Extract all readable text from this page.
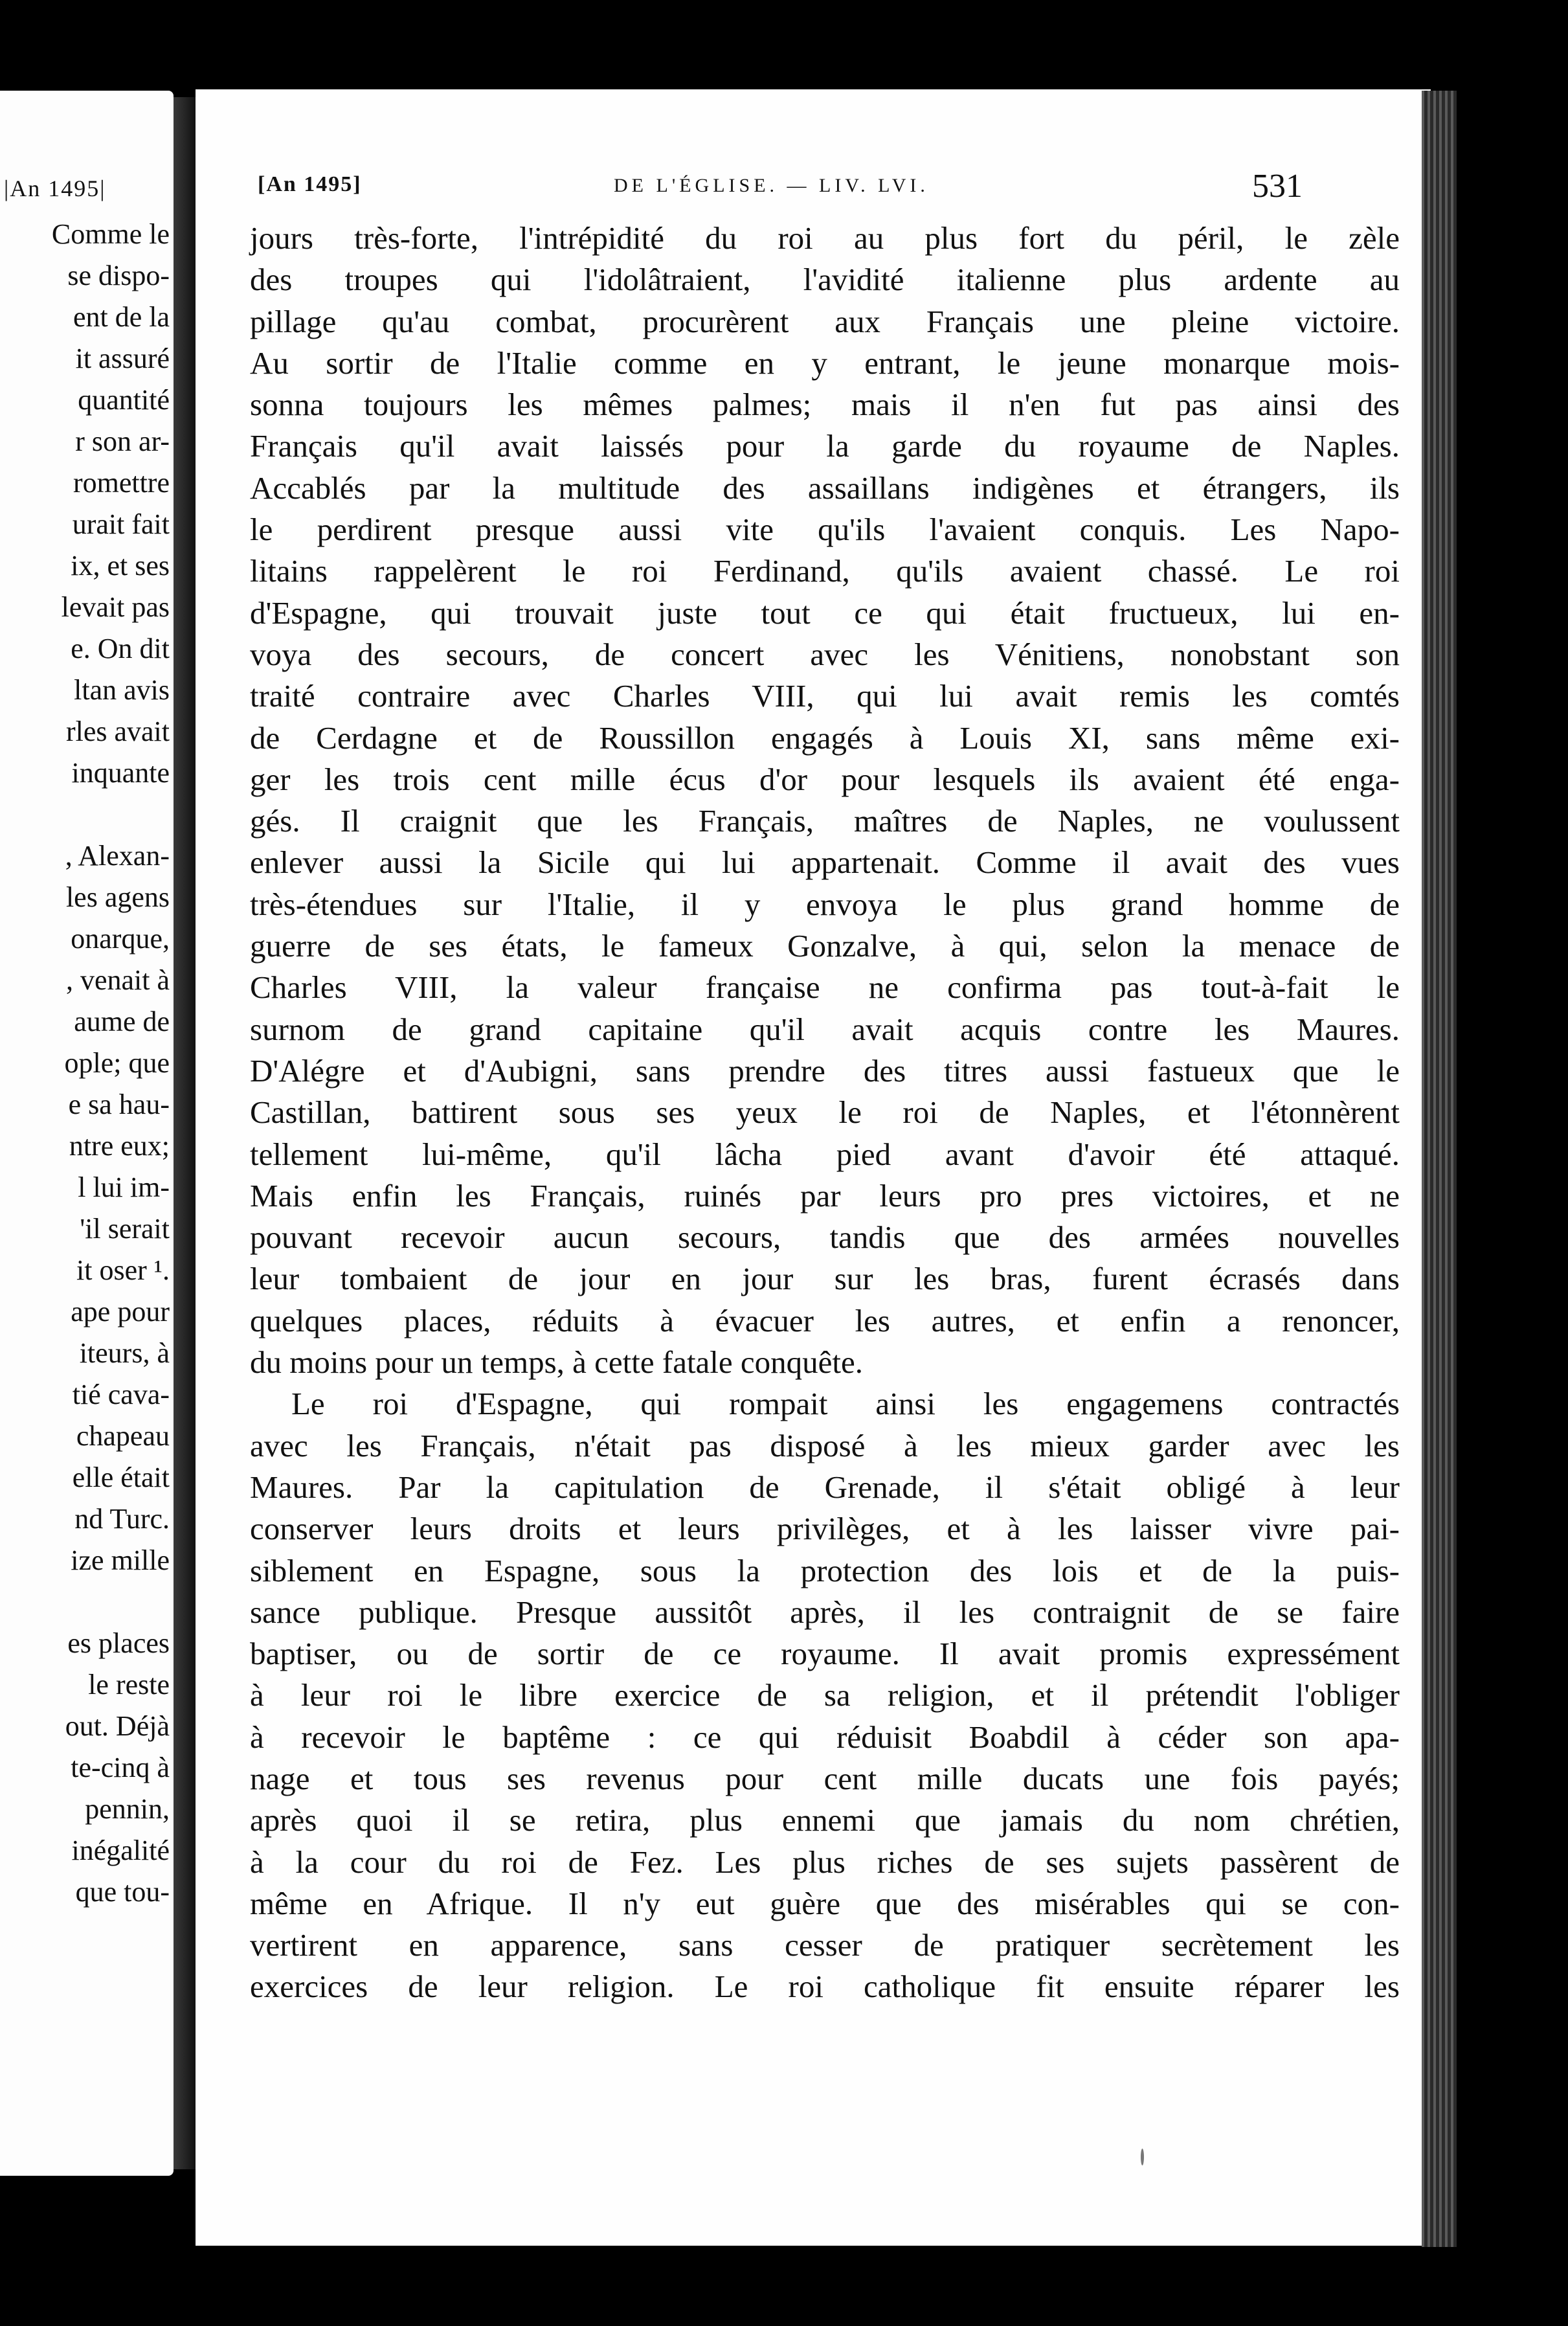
|An 1495|
Comme le
se dispo-
ent de la
it assuré
quantité
r son ar-
romettre
urait fait
ix, et ses
levait pas
e. On dit
ltan avis
rles avait
inquante
, Alexan-
les agens
onarque,
, venait à
aume de
ople; que
e sa hau-
ntre eux;
l lui im-
'il serait
it oser ¹.
ape pour
iteurs, à
tié cava-
chapeau
elle était
nd Turc.
ize mille
es places
le reste
out. Déjà
te-cinq à
pennin,
inégalité
que tou-
[An 1495]	DE L'ÉGLISE. — LIV. LVI.	531
jours très-forte, l'intrépidité du roi au plus fort du péril, le zèle
des troupes qui l'idolâtraient, l'avidité italienne plus ardente au
pillage qu'au combat, procurèrent aux Français une pleine victoire.
Au sortir de l'Italie comme en y entrant, le jeune monarque mois-
sonna toujours les mêmes palmes; mais il n'en fut pas ainsi des
Français qu'il avait laissés pour la garde du royaume de Naples.
Accablés par la multitude des assaillans indigènes et étrangers, ils
le perdirent presque aussi vite qu'ils l'avaient conquis. Les Napo-
litains rappelèrent le roi Ferdinand, qu'ils avaient chassé. Le roi
d'Espagne, qui trouvait juste tout ce qui était fructueux, lui en-
voya des secours, de concert avec les Vénitiens, nonobstant son
traité contraire avec Charles VIII, qui lui avait remis les comtés
de Cerdagne et de Roussillon engagés à Louis XI, sans même exi-
ger les trois cent mille écus d'or pour lesquels ils avaient été enga-
gés. Il craignit que les Français, maîtres de Naples, ne voulussent
enlever aussi la Sicile qui lui appartenait. Comme il avait des vues
très-étendues sur l'Italie, il y envoya le plus grand homme de
guerre de ses états, le fameux Gonzalve, à qui, selon la menace de
Charles VIII, la valeur française ne confirma pas tout-à-fait le
surnom de grand capitaine qu'il avait acquis contre les Maures.
D'Alégre et d'Aubigni, sans prendre des titres aussi fastueux que le
Castillan, battirent sous ses yeux le roi de Naples, et l'étonnèrent
tellement lui-même, qu'il lâcha pied avant d'avoir été attaqué.
Mais enfin les Français, ruinés par leurs pro pres victoires, et ne
pouvant recevoir aucun secours, tandis que des armées nouvelles
leur tombaient de jour en jour sur les bras, furent écrasés dans
quelques places, réduits à évacuer les autres, et enfin a renoncer,
du moins pour un temps, à cette fatale conquête.
Le roi d'Espagne, qui rompait ainsi les engagemens contractés
avec les Français, n'était pas disposé à les mieux garder avec les
Maures. Par la capitulation de Grenade, il s'était obligé à leur
conserver leurs droits et leurs privilèges, et à les laisser vivre pai-
siblement en Espagne, sous la protection des lois et de la puis-
sance publique. Presque aussitôt après, il les contraignit de se faire
baptiser, ou de sortir de ce royaume. Il avait promis expressément
à leur roi le libre exercice de sa religion, et il prétendit l'obliger
à recevoir le baptême : ce qui réduisit Boabdil à céder son apa-
nage et tous ses revenus pour cent mille ducats une fois payés;
après quoi il se retira, plus ennemi que jamais du nom chrétien,
à la cour du roi de Fez. Les plus riches de ses sujets passèrent de
même en Afrique. Il n'y eut guère que des misérables qui se con-
vertirent en apparence, sans cesser de pratiquer secrètement les
exercices de leur religion. Le roi catholique fit ensuite réparer les
